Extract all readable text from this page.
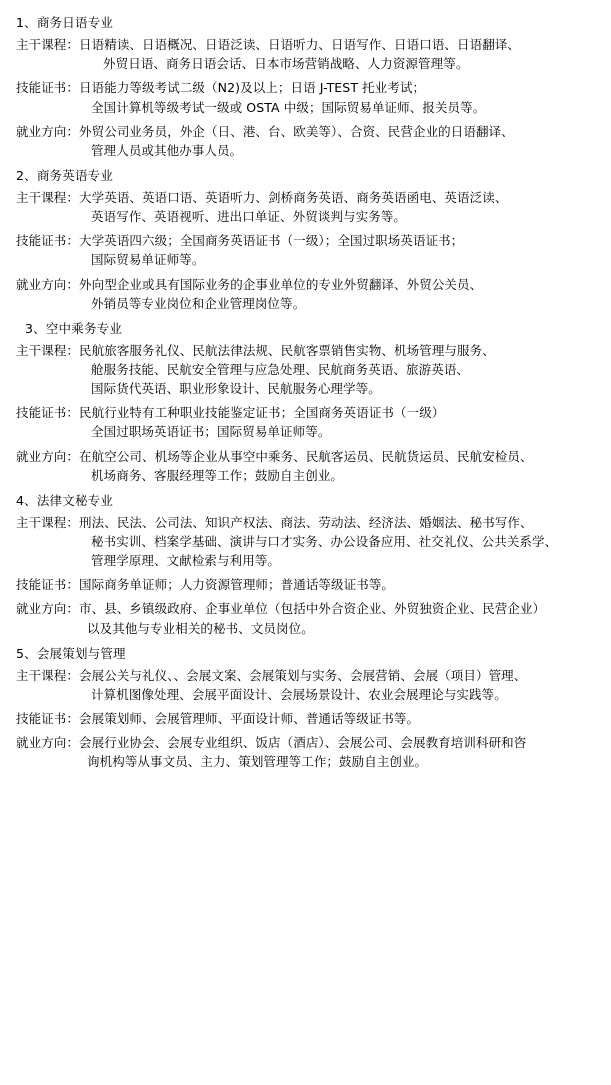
1、商务日语专业
主干课程： 日语精读、日语概况、日语泛读、日语听力、日语写作、日语口语、日语翻译、
外贸日语、商务日语会话、日本市场营销战略、人力资源管理等。
技能证书： 日语能力等级考试二级（N2)及以上；日语 J-TEST 托业考试；
全国计算机等级考试一级或 OSTA 中级；国际贸易单证师、报关员等。
就业方向： 外贸公司业务员，外企（日、港、台、欧美等）、合资、民营企业的日语翻译、
管理人员或其他办事人员。
2、商务英语专业
主干课程： 大学英语、英语口语、英语听力、剑桥商务英语、商务英语函电、英语泛读、
英语写作、英语视听、进出口单证、外贸谈判与实务等。
技能证书： 大学英语四六级；全国商务英语证书（一级）；全国过职场英语证书；
国际贸易单证师等。
就业方向： 外向型企业或具有国际业务的企事业单位的专业外贸翻译、外贸公关员、
外销员等专业岗位和企业管理岗位等。
3、空中乘务专业
主干课程： 民航旅客服务礼仪、民航法律法规、民航客票销售实物、机场管理与服务、
舱服务技能、民航安全管理与应急处理、民航商务英语、旅游英语、
国际货代英语、职业形象设计、民航服务心理学等。
技能证书： 民航行业特有工种职业技能鉴定证书；全国商务英语证书（一级）
全国过职场英语证书；国际贸易单证师等。
就业方向： 在航空公司、机场等企业从事空中乘务、民航客运员、民航货运员、民航安检员、
机场商务、客服经理等工作；鼓励自主创业。
4、法律文秘专业
主干课程： 刑法、民法、公司法、知识产权法、商法、劳动法、经济法、婚姻法、秘书写作、
秘书实训、档案学基础、演讲与口才实务、办公设备应用、社交礼仪、公共关系学、
管理学原理、文献检索与利用等。
技能证书： 国际商务单证师；人力资源管理师；普通话等级证书等。
就业方向： 市、县、乡镇级政府、企事业单位（包括中外合资企业、外贸独资企业、民营企业）
以及其他与专业相关的秘书、文员岗位。
5、会展策划与管理
主干课程： 会展公关与礼仪、、会展文案、会展策划与实务、会展营销、会展（项目）管理、
计算机图像处理、会展平面设计、会展场景设计、农业会展理论与实践等。
技能证书： 会展策划师、会展管理师、平面设计师、普通话等级证书等。
就业方向： 会展行业协会、会展专业组织、饭店（酒店）、会展公司、会展教育培训科研和咨
询机构等从事文员、主力、策划管理等工作；鼓励自主创业。
